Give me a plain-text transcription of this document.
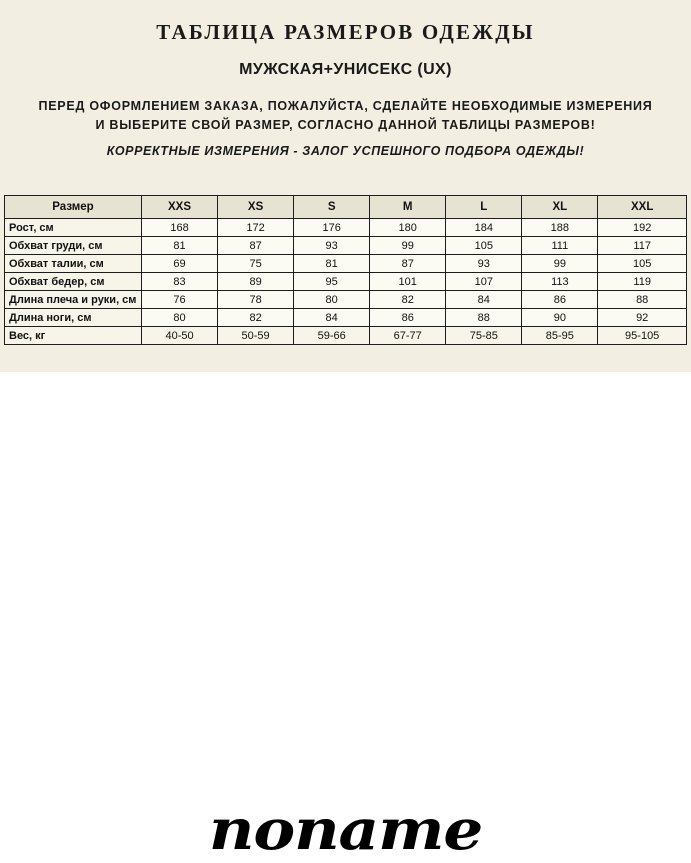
ТАБЛИЦА РАЗМЕРОВ ОДЕЖДЫ
МУЖСКАЯ+УНИСЕКС (UX)
ПЕРЕД ОФОРМЛЕНИЕМ ЗАКАЗА, ПОЖАЛУЙСТА, СДЕЛАЙТЕ НЕОБХОДИМЫЕ ИЗМЕРЕНИЯ
И ВЫБЕРИТЕ СВОЙ РАЗМЕР, СОГЛАСНО ДАННОЙ ТАБЛИЦЫ РАЗМЕРОВ!
КОРРЕКТНЫЕ ИЗМЕРЕНИЯ - ЗАЛОГ УСПЕШНОГО ПОДБОРА ОДЕЖДЫ!
Размер	XXS	XS	S	M	L	XL	XXL
Рост, см	168	172	176	180	184	188	192
Обхват груди, см	81	87	93	99	105	111	117
Обхват талии, см	69	75	81	87	93	99	105
Обхват бедер, см	83	89	95	101	107	113	119
Длина плеча и руки, см	76	78	80	82	84	86	88
Длина ноги, см	80	82	84	86	88	90	92
Вес, кг	40-50	50-59	59-66	67-77	75-85	85-95	95-105
noname
